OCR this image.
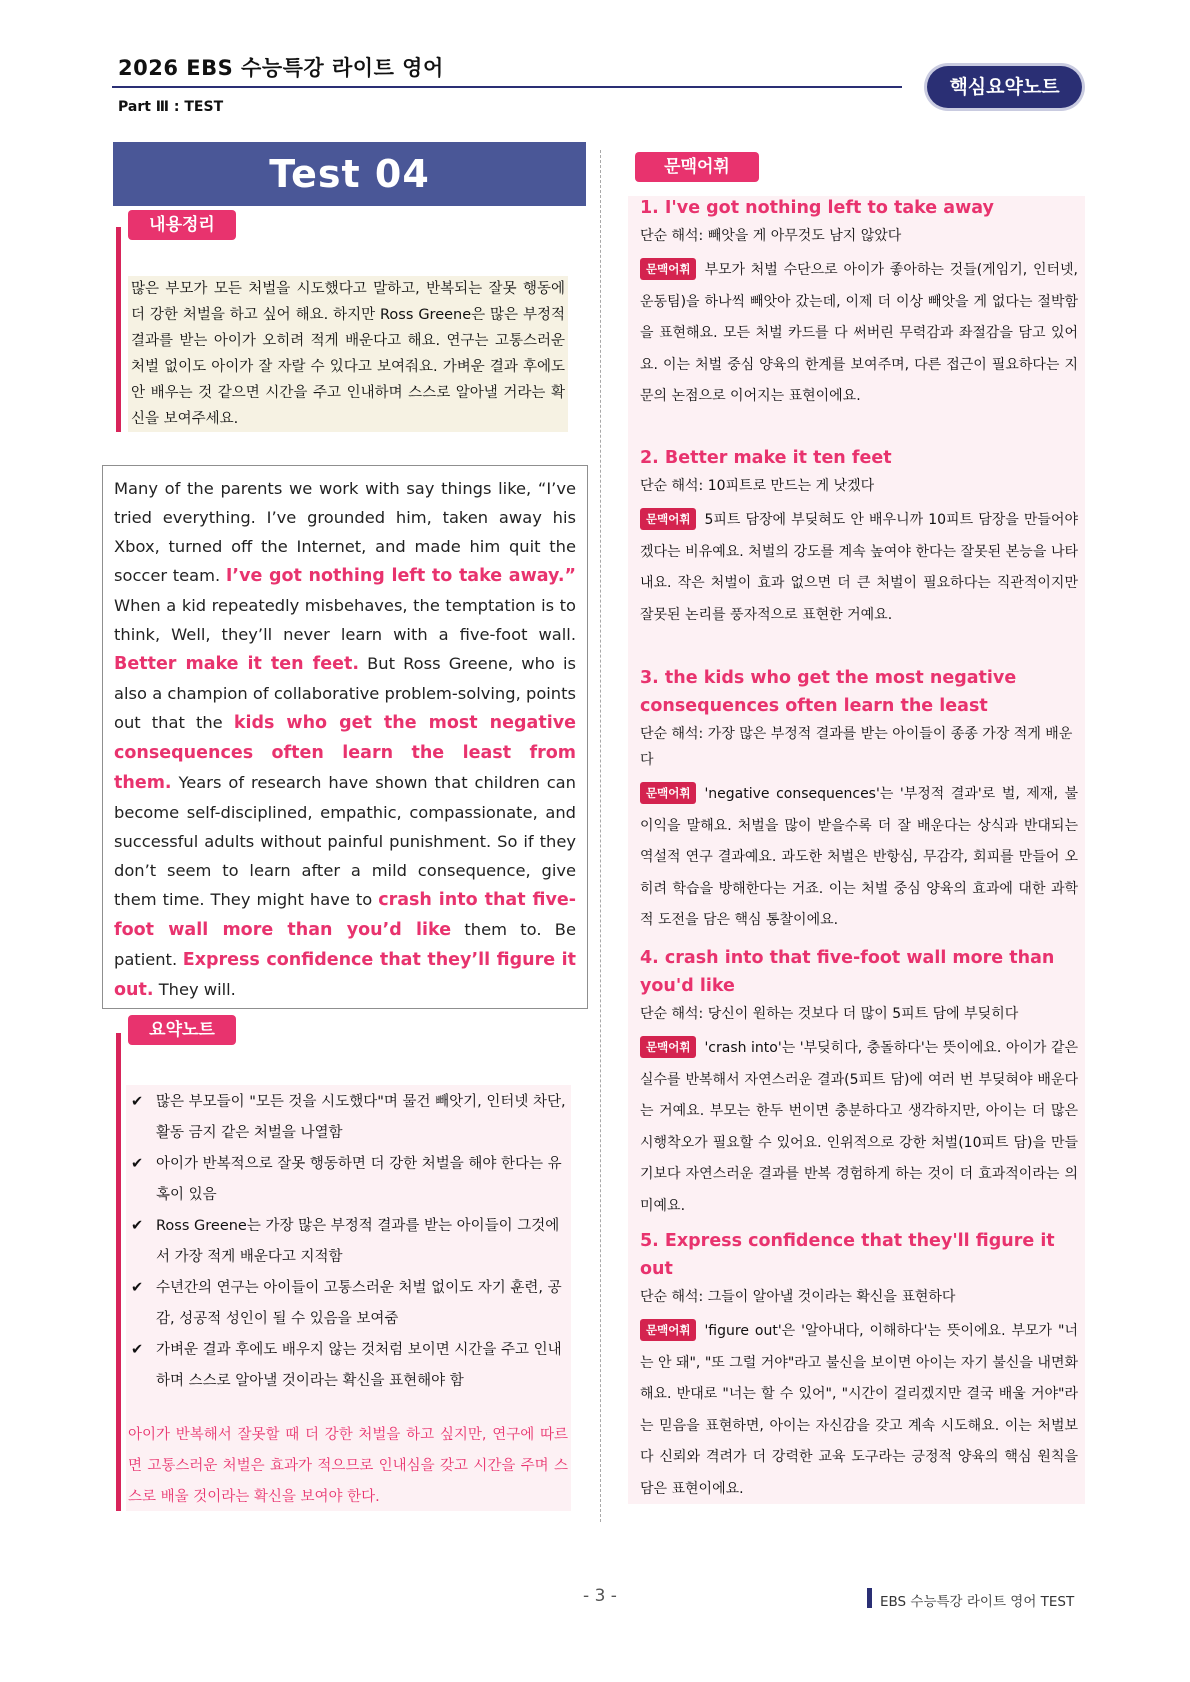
2026 EBS 수능특강 라이트 영어
Part Ⅲ : TEST
핵심요약노트
Test 04
내용정리
많은 부모가 모든 처벌을 시도했다고 말하고, 반복되는 잘못 행동에 더 강한 처벌을 하고 싶어 해요. 하지만 Ross Greene은 많은 부정적 결과를 받는 아이가 오히려 적게 배운다고 해요. 연구는 고통스러운 처벌 없이도 아이가 잘 자랄 수 있다고 보여줘요. 가벼운 결과 후에도 안 배우는 것 같으면 시간을 주고 인내하며 스스로 알아낼 거라는 확신을 보여주세요.
Many of the parents we work with say things like, “I’ve tried everything. I’ve grounded him, taken away his Xbox, turned off the Internet, and made him quit the soccer team. I’ve got nothing left to take away.” When a kid repeatedly misbehaves, the temptation is to think, Well, they’ll never learn with a five-foot wall. Better make it ten feet. But Ross Greene, who is also a champion of collaborative problem-solving, points out that the kids who get the most negative consequences often learn the least from them. Years of research have shown that children can become self-disciplined, empathic, compassionate, and successful adults without painful punishment. So if they don’t seem to learn after a mild consequence, give them time. They might have to crash into that five-foot wall more than you’d like them to. Be patient. Express confidence that they’ll figure it out. They will.
요약노트
✔ 많은 부모들이 "모든 것을 시도했다"며 물건 빼앗기, 인터넷 차단, 활동 금지 같은 처벌을 나열함
✔ 아이가 반복적으로 잘못 행동하면 더 강한 처벌을 해야 한다는 유혹이 있음
✔ Ross Greene는 가장 많은 부정적 결과를 받는 아이들이 그것에서 가장 적게 배운다고 지적함
✔ 수년간의 연구는 아이들이 고통스러운 처벌 없이도 자기 훈련, 공감, 성공적 성인이 될 수 있음을 보여줌
✔ 가벼운 결과 후에도 배우지 않는 것처럼 보이면 시간을 주고 인내하며 스스로 알아낼 것이라는 확신을 표현해야 함
아이가 반복해서 잘못할 때 더 강한 처벌을 하고 싶지만, 연구에 따르면 고통스러운 처벌은 효과가 적으므로 인내심을 갖고 시간을 주며 스스로 배울 것이라는 확신을 보여야 한다.
문맥어휘
1. I've got nothing left to take away
단순 해석: 빼앗을 게 아무것도 남지 않았다
문맥어휘 부모가 처벌 수단으로 아이가 좋아하는 것들(게임기, 인터넷, 운동팀)을 하나씩 빼앗아 갔는데, 이제 더 이상 빼앗을 게 없다는 절박함을 표현해요. 모든 처벌 카드를 다 써버린 무력감과 좌절감을 담고 있어요. 이는 처벌 중심 양육의 한계를 보여주며, 다른 접근이 필요하다는 지문의 논점으로 이어지는 표현이에요.
2. Better make it ten feet
단순 해석: 10피트로 만드는 게 낫겠다
문맥어휘 5피트 담장에 부딪혀도 안 배우니까 10피트 담장을 만들어야겠다는 비유예요. 처벌의 강도를 계속 높여야 한다는 잘못된 본능을 나타내요. 작은 처벌이 효과 없으면 더 큰 처벌이 필요하다는 직관적이지만 잘못된 논리를 풍자적으로 표현한 거예요.
3. the kids who get the most negative consequences often learn the least
단순 해석: 가장 많은 부정적 결과를 받는 아이들이 종종 가장 적게 배운다
문맥어휘 'negative consequences'는 '부정적 결과'로 벌, 제재, 불이익을 말해요. 처벌을 많이 받을수록 더 잘 배운다는 상식과 반대되는 역설적 연구 결과예요. 과도한 처벌은 반항심, 무감각, 회피를 만들어 오히려 학습을 방해한다는 거죠. 이는 처벌 중심 양육의 효과에 대한 과학적 도전을 담은 핵심 통찰이에요.
4. crash into that five-foot wall more than you'd like
단순 해석: 당신이 원하는 것보다 더 많이 5피트 담에 부딪히다
문맥어휘 'crash into'는 '부딪히다, 충돌하다'는 뜻이에요. 아이가 같은 실수를 반복해서 자연스러운 결과(5피트 담)에 여러 번 부딪혀야 배운다는 거예요. 부모는 한두 번이면 충분하다고 생각하지만, 아이는 더 많은 시행착오가 필요할 수 있어요. 인위적으로 강한 처벌(10피트 담)을 만들기보다 자연스러운 결과를 반복 경험하게 하는 것이 더 효과적이라는 의미예요.
5. Express confidence that they'll figure it out
단순 해석: 그들이 알아낼 것이라는 확신을 표현하다
문맥어휘 'figure out'은 '알아내다, 이해하다'는 뜻이에요. 부모가 "너는 안 돼", "또 그럴 거야"라고 불신을 보이면 아이는 자기 불신을 내면화해요. 반대로 "너는 할 수 있어", "시간이 걸리겠지만 결국 배울 거야"라는 믿음을 표현하면, 아이는 자신감을 갖고 계속 시도해요. 이는 처벌보다 신뢰와 격려가 더 강력한 교육 도구라는 긍정적 양육의 핵심 원칙을 담은 표현이에요.
- 3 -	EBS 수능특강 라이트 영어 TEST
